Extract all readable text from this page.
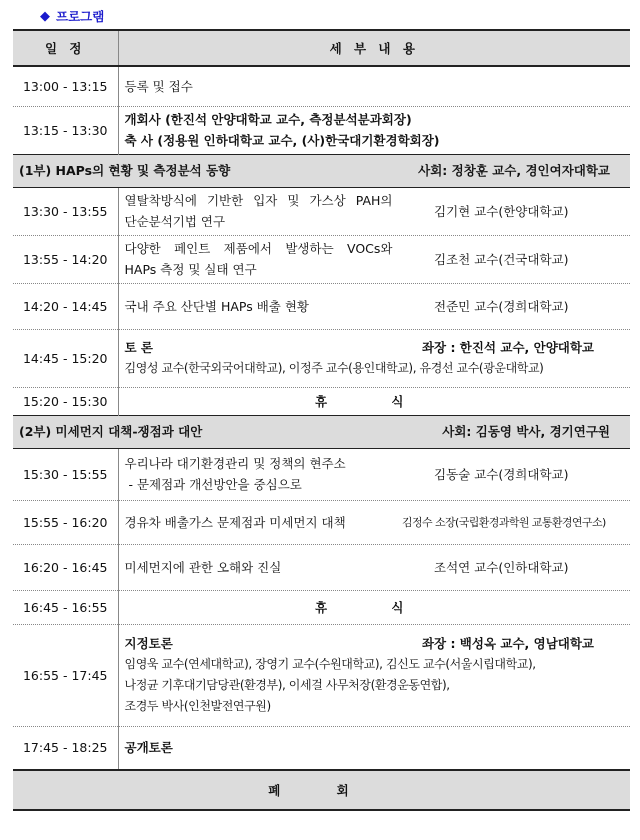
◆ 프로그램
일 정	세 부 내 용
13:00 - 13:15	등록 및 접수
13:15 - 13:30	개회사 (한진석 안양대학교 교수, 측정분석분과회장)
축 사 (정용원 인하대학교 교수, (사)한국대기환경학회장)

(1부) HAPs의 현황 및 측정분석 동향 사회: 정창훈 교수, 경인여자대학교	

13:30 - 13:55	열탈착방식에 기반한 입자 및 가스상 PAH의
단순분석기법 연구
김기현 교수(한양대학교)

13:55 - 14:20	다양한 페인트 제품에서 발생하는 VOCs와
HAPs 측정 및 실태 연구
김조천 교수(건국대학교)

14:20 - 14:45	국내 주요 산단별 HAPs 배출 현황 전준민 교수(경희대학교)

14:45 - 15:20	토 론 좌장 : 한진석 교수, 안양대학교
김영성 교수(한국외국어대학교), 이정주 교수(용인대학교), 유경선 교수(광운대학교)

15:20 - 15:30	휴 식

(2부) 미세먼지 대책-쟁점과 대안 사회: 김동영 박사, 경기연구원	

15:30 - 15:55	우리나라 대기환경관리 및 정책의 현주소
- 문제점과 개선방안을 중심으로
김동술 교수(경희대학교)

15:55 - 16:20	경유차 배출가스 문제점과 미세먼지 대책 김정수 소장(국립환경과학원 교통환경연구소)

16:20 - 16:45	미세먼지에 관한 오해와 진실 조석연 교수(인하대학교)

16:45 - 16:55	휴 식
16:55 - 17:45	지정토론 좌장 : 백성옥 교수, 영남대학교
임영욱 교수(연세대학교), 장영기 교수(수원대학교), 김신도 교수(서울시립대학교),
나정균 기후대기담당관(환경부), 이세걸 사무처장(환경운동연합),
조경두 박사(인천발전연구원)

17:45 - 18:25	공개토론
폐 회	
